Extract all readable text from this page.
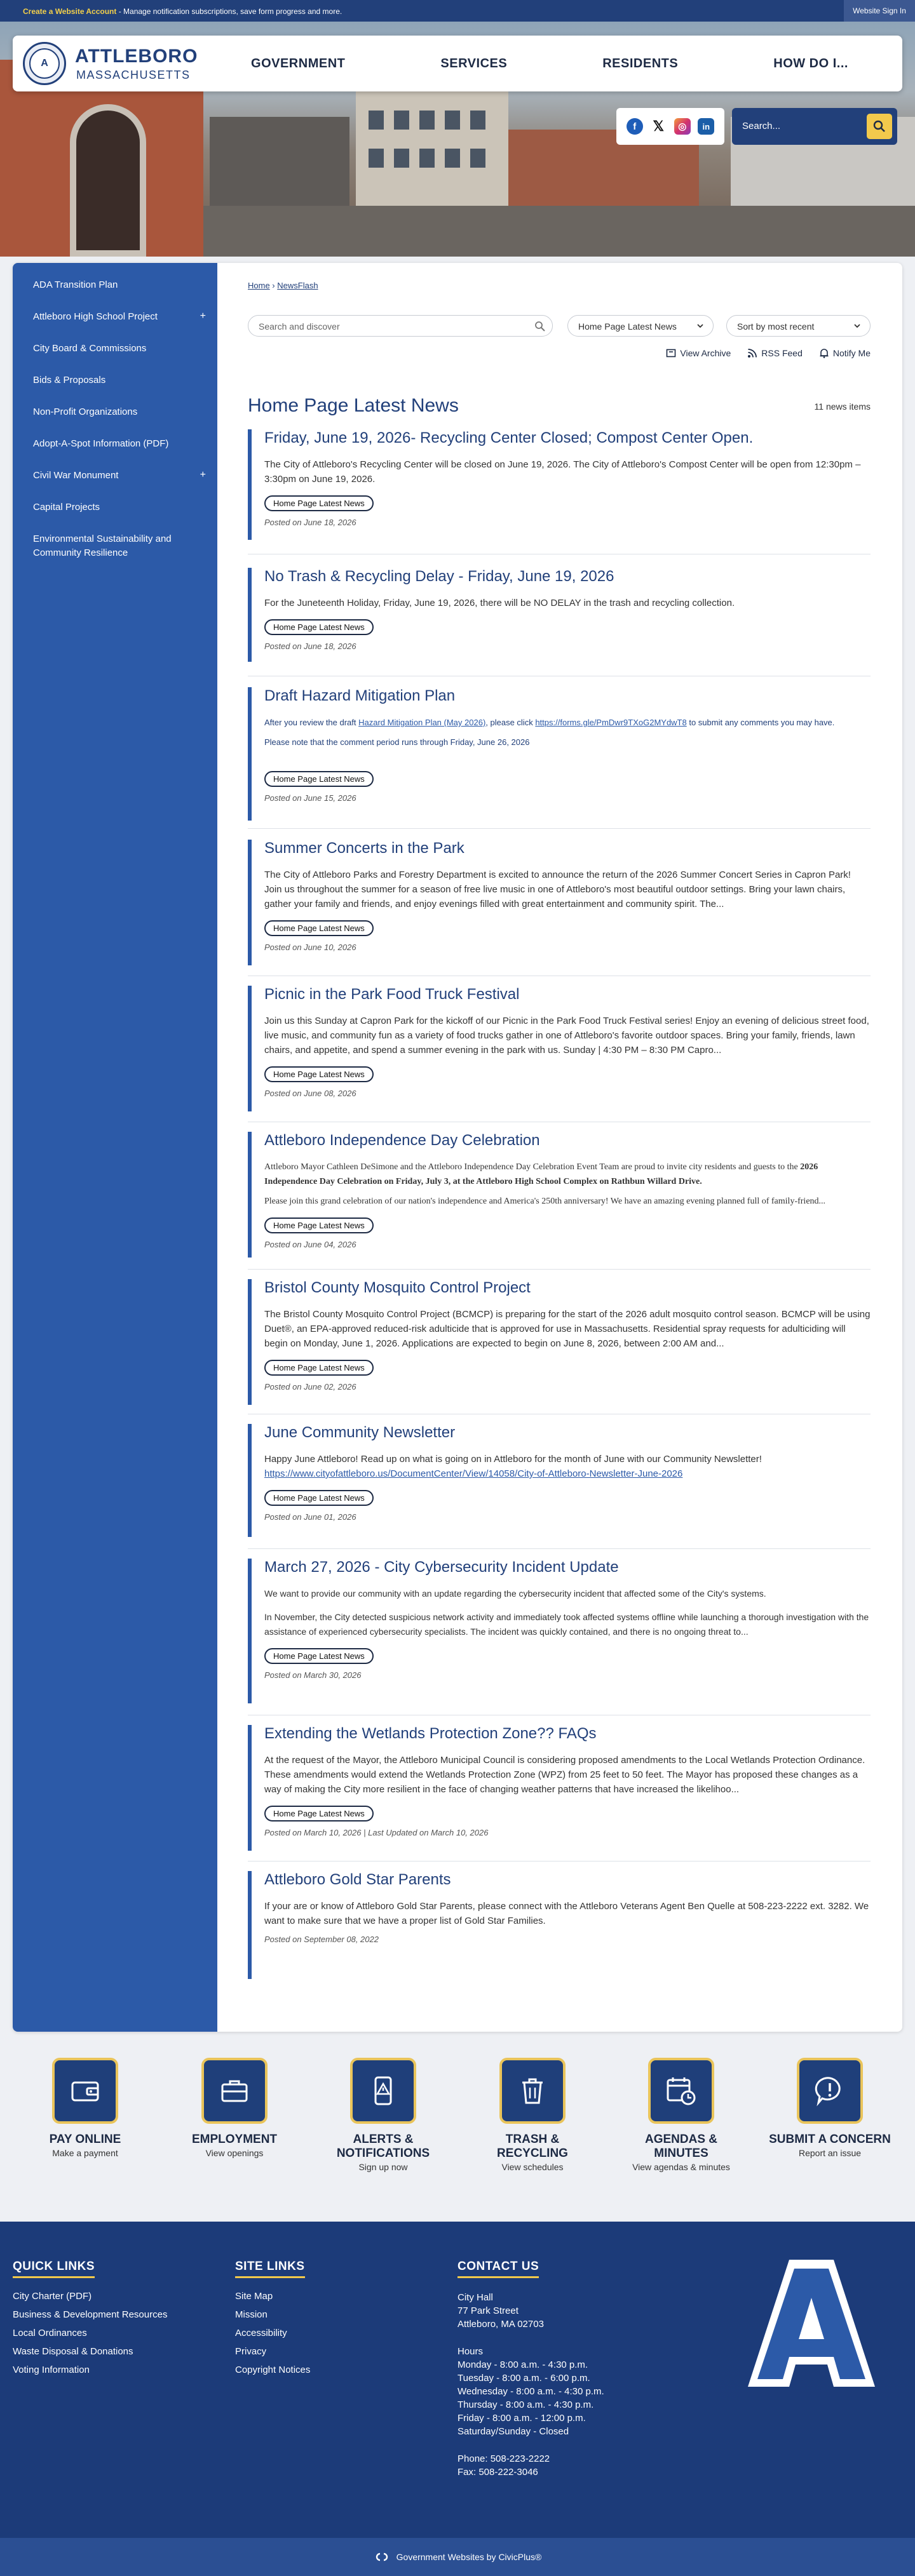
Create a Website Account - Manage notification subscriptions, save form progress and more.	Website Sign In
A	ATTLEBORO
MASSACHUSETTS
GOVERNMENT	SERVICES	RESIDENTS	HOW DO I...
f	𝕏	◎	in	Search...
ADA Transition Plan
Attleboro High School Project	+
City Board & Commissions
Bids & Proposals
Non-Profit Organizations
Adopt-A-Spot Information (PDF)
Civil War Monument	+
Capital Projects
Environmental Sustainability and Community Resilience
Home › NewsFlash
Search and discover	Home Page Latest News	Sort by most recent
View Archive	RSS Feed	Notify Me
Home Page Latest News	11 news items
Friday, June 19, 2026- Recycling Center Closed; Compost Center Open.

The City of Attleboro's Recycling Center will be closed on June 19, 2026. The City of Attleboro's Compost Center will be open from 12:30pm –3:30pm on June 19, 2026.

Home Page Latest News
Posted on June 18, 2026
No Trash & Recycling Delay - Friday, June 19, 2026

For the Juneteenth Holiday, Friday, June 19, 2026, there will be NO DELAY in the trash and recycling collection.

Home Page Latest News
Posted on June 18, 2026
Draft Hazard Mitigation Plan

After you review the draft Hazard Mitigation Plan (May 2026), please click https://forms.gle/PmDwr9TXoG2MYdwT8 to submit any comments you may have.

Please note that the comment period runs through Friday, June 26, 2026

Home Page Latest News
Posted on June 15, 2026
Summer Concerts in the Park

The City of Attleboro Parks and Forestry Department is excited to announce the return of the 2026 Summer Concert Series in Capron Park! Join us throughout the summer for a season of free live music in one of Attleboro's most beautiful outdoor settings. Bring your lawn chairs, gather your family and friends, and enjoy evenings filled with great entertainment and community spirit. The...

Home Page Latest News
Posted on June 10, 2026
Picnic in the Park Food Truck Festival

Join us this Sunday at Capron Park for the kickoff of our Picnic in the Park Food Truck Festival series! Enjoy an evening of delicious street food, live music, and community fun as a variety of food trucks gather in one of Attleboro's favorite outdoor spaces. Bring your family, friends, lawn chairs, and appetite, and spend a summer evening in the park with us. Sunday | 4:30 PM – 8:30 PM Capro...

Home Page Latest News
Posted on June 08, 2026
Attleboro Independence Day Celebration

Attleboro Mayor Cathleen DeSimone and the Attleboro Independence Day Celebration Event Team are proud to invite city residents and guests to the 2026 Independence Day Celebration on Friday, July 3, at the Attleboro High School Complex on Rathbun Willard Drive.

Please join this grand celebration of our nation's independence and America's 250th anniversary! We have an amazing evening planned full of family-friend...

Home Page Latest News
Posted on June 04, 2026
Bristol County Mosquito Control Project

The Bristol County Mosquito Control Project (BCMCP) is preparing for the start of the 2026 adult mosquito control season. BCMCP will be using Duet®, an EPA-approved reduced-risk adulticide that is approved for use in Massachusetts. Residential spray requests for adulticiding will begin on Monday, June 1, 2026. Applications are expected to begin on June 8, 2026, between 2:00 AM and...

Home Page Latest News
Posted on June 02, 2026
June Community Newsletter

Happy June Attleboro! Read up on what is going on in Attleboro for the month of June with our Community Newsletter! https://www.cityofattleboro.us/DocumentCenter/View/14058/City-of-Attleboro-Newsletter-June-2026

Home Page Latest News
Posted on June 01, 2026
March 27, 2026 - City Cybersecurity Incident Update

We want to provide our community with an update regarding the cybersecurity incident that affected some of the City's systems.

In November, the City detected suspicious network activity and immediately took affected systems offline while launching a thorough investigation with the assistance of experienced cybersecurity specialists. The incident was quickly contained, and there is no ongoing threat to...

Home Page Latest News
Posted on March 30, 2026
Extending the Wetlands Protection Zone?? FAQs

At the request of the Mayor, the Attleboro Municipal Council is considering proposed amendments to the Local Wetlands Protection Ordinance. These amendments would extend the Wetlands Protection Zone (WPZ) from 25 feet to 50 feet. The Mayor has proposed these changes as a way of making the City more resilient in the face of changing weather patterns that have increased the likelihoo...

Home Page Latest News
Posted on March 10, 2026 | Last Updated on March 10, 2026
Attleboro Gold Star Parents

If your are or know of Attleboro Gold Star Parents, please connect with the Attleboro Veterans Agent Ben Quelle at 508-223-2222 ext. 3282. We want to make sure that we have a proper list of Gold Star Families.

Posted on September 08, 2022
PAY ONLINE
Make a payment
EMPLOYMENT
View openings
ALERTS & NOTIFICATIONS
Sign up now
TRASH & RECYCLING
View schedules
AGENDAS & MINUTES
View agendas & minutes
SUBMIT A CONCERN
Report an issue
QUICK LINKS
City Charter (PDF)
Business & Development Resources
Local Ordinances
Waste Disposal & Donations
Voting Information
SITE LINKS
Site Map
Mission
Accessibility
Privacy
Copyright Notices
CONTACT US
City Hall
77 Park Street
Attleboro, MA 02703
Hours
Monday - 8:00 a.m. - 4:30 p.m.
Tuesday - 8:00 a.m. - 6:00 p.m.
Wednesday - 8:00 a.m. - 4:30 p.m.
Thursday - 8:00 a.m. - 4:30 p.m.
Friday - 8:00 a.m. - 12:00 p.m.
Saturday/Sunday - Closed
Phone: 508-223-2222
Fax: 508-222-3046
Government Websites by CivicPlus®
